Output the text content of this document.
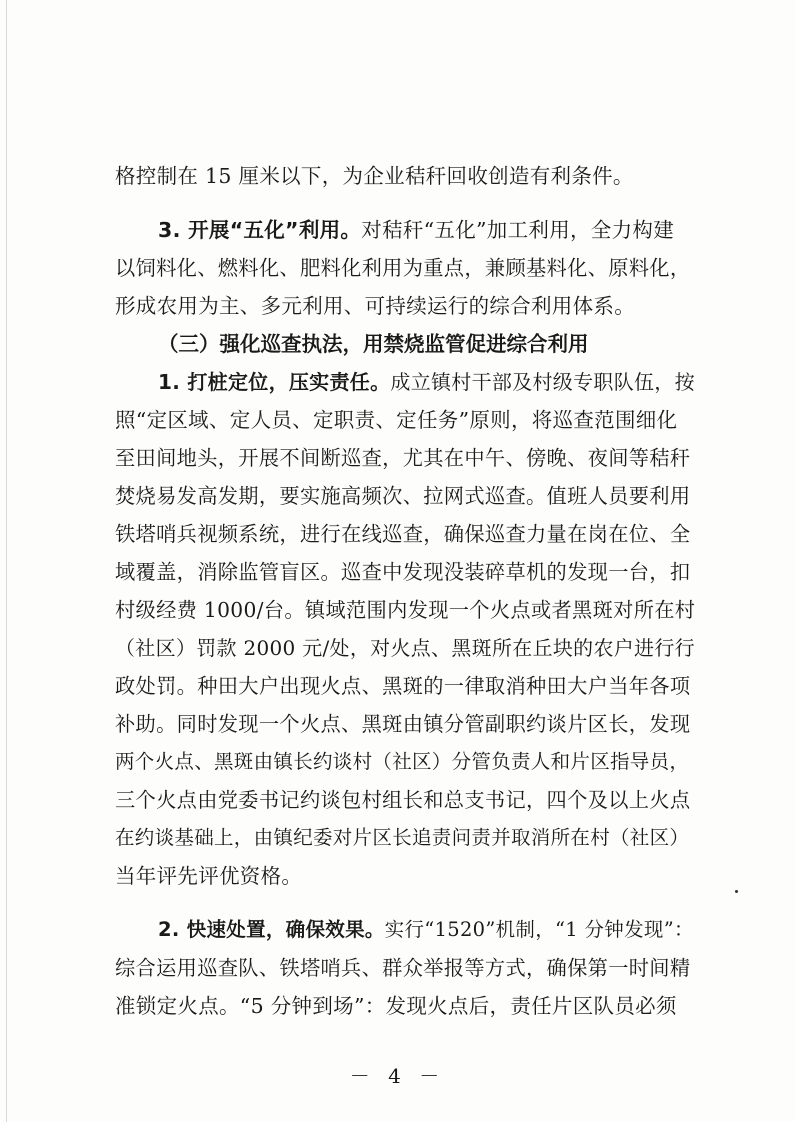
格控制在 15 厘米以下，为企业秸秆回收创造有利条件。
3. 开展“五化”利用。对秸秆“五化”加工利用，全力构建
以饲料化、燃料化、肥料化利用为重点，兼顾基料化、原料化，
形成农用为主、多元利用、可持续运行的综合利用体系。
（三）强化巡查执法，用禁烧监管促进综合利用
1. 打桩定位，压实责任。成立镇村干部及村级专职队伍，按
照“定区域、定人员、定职责、定任务”原则，将巡查范围细化
至田间地头，开展不间断巡查，尤其在中午、傍晚、夜间等秸秆
焚烧易发高发期，要实施高频次、拉网式巡查。值班人员要利用
铁塔哨兵视频系统，进行在线巡查，确保巡查力量在岗在位、全
域覆盖，消除监管盲区。巡查中发现没装碎草机的发现一台，扣
村级经费 1000/台。镇域范围内发现一个火点或者黑斑对所在村
（社区）罚款 2000 元/处，对火点、黑斑所在丘块的农户进行行
政处罚。种田大户出现火点、黑斑的一律取消种田大户当年各项
补助。同时发现一个火点、黑斑由镇分管副职约谈片区长，发现
两个火点、黑斑由镇长约谈村（社区）分管负责人和片区指导员，
三个火点由党委书记约谈包村组长和总支书记，四个及以上火点
在约谈基础上，由镇纪委对片区长追责问责并取消所在村（社区）
当年评先评优资格。
2. 快速处置，确保效果。实行“1520”机制，“1 分钟发现”：
综合运用巡查队、铁塔哨兵、群众举报等方式，确保第一时间精
准锁定火点。“5 分钟到场”：发现火点后，责任片区队员必须
－ 4 －
